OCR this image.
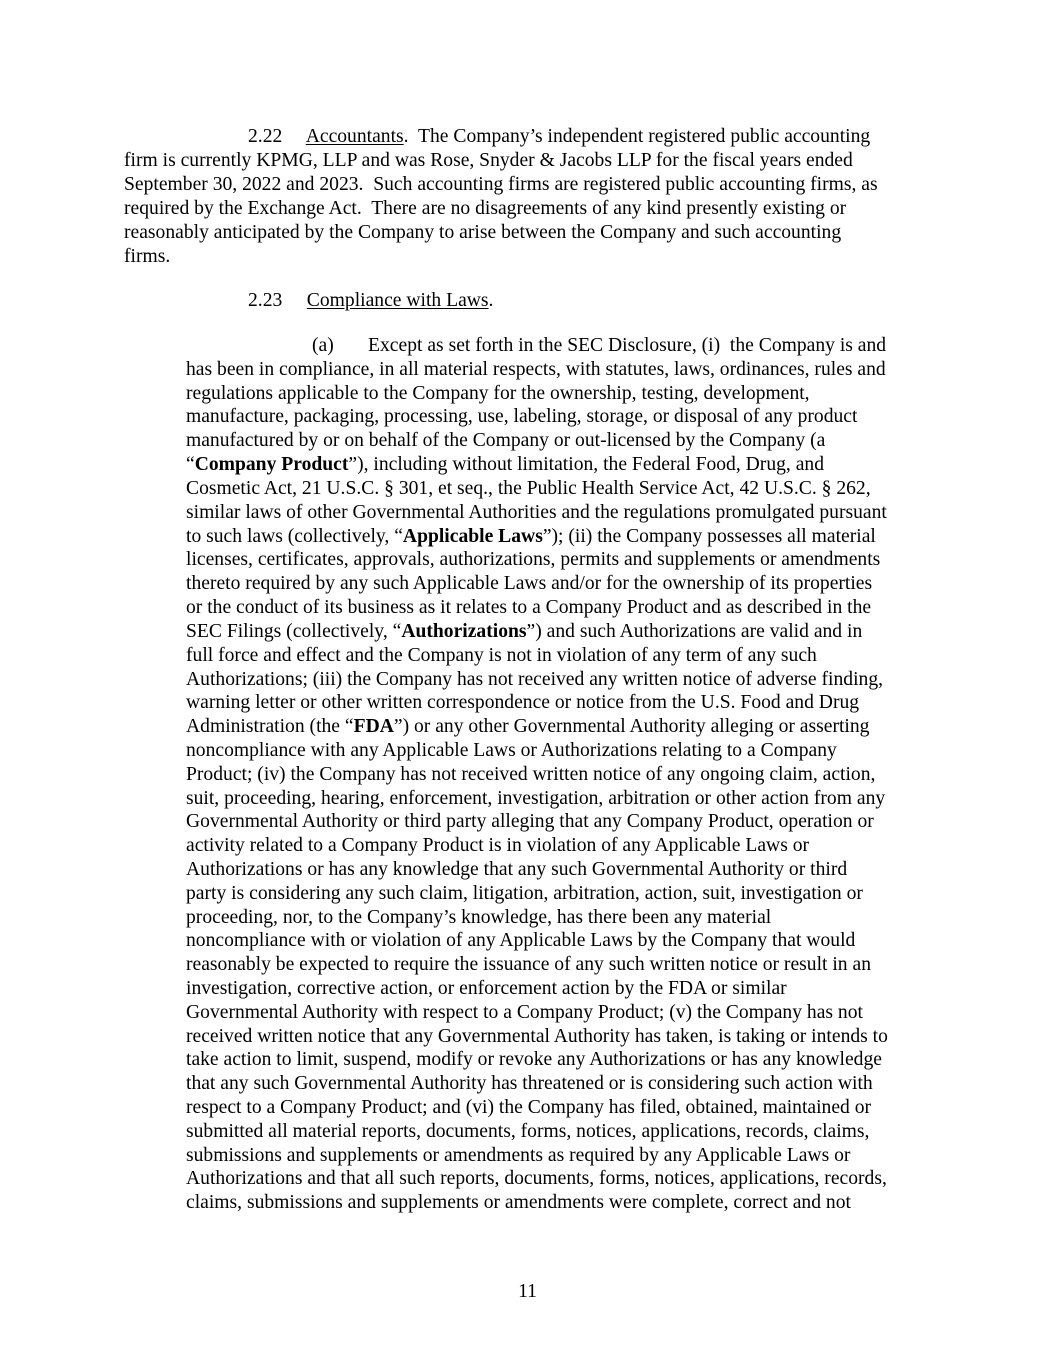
2.22 Accountants.  The Company’s independent registered public accounting
firm is currently KPMG, LLP and was Rose, Snyder & Jacobs LLP for the fiscal years ended
September 30, 2022 and 2023.  Such accounting firms are registered public accounting firms, as
required by the Exchange Act.  There are no disagreements of any kind presently existing or
reasonably anticipated by the Company to arise between the Company and such accounting
firms.
2.23 Compliance with Laws.
(a) Except as set forth in the SEC Disclosure, (i)  the Company is and
has been in compliance, in all material respects, with statutes, laws, ordinances, rules and
regulations applicable to the Company for the ownership, testing, development,
manufacture, packaging, processing, use, labeling, storage, or disposal of any product
manufactured by or on behalf of the Company or out-licensed by the Company (a
“Company Product”), including without limitation, the Federal Food, Drug, and
Cosmetic Act, 21 U.S.C. § 301, et seq., the Public Health Service Act, 42 U.S.C. § 262,
similar laws of other Governmental Authorities and the regulations promulgated pursuant
to such laws (collectively, “Applicable Laws”); (ii) the Company possesses all material
licenses, certificates, approvals, authorizations, permits and supplements or amendments
thereto required by any such Applicable Laws and/or for the ownership of its properties
or the conduct of its business as it relates to a Company Product and as described in the
SEC Filings (collectively, “Authorizations”) and such Authorizations are valid and in
full force and effect and the Company is not in violation of any term of any such
Authorizations; (iii) the Company has not received any written notice of adverse finding,
warning letter or other written correspondence or notice from the U.S. Food and Drug
Administration (the “FDA”) or any other Governmental Authority alleging or asserting
noncompliance with any Applicable Laws or Authorizations relating to a Company
Product; (iv) the Company has not received written notice of any ongoing claim, action,
suit, proceeding, hearing, enforcement, investigation, arbitration or other action from any
Governmental Authority or third party alleging that any Company Product, operation or
activity related to a Company Product is in violation of any Applicable Laws or
Authorizations or has any knowledge that any such Governmental Authority or third
party is considering any such claim, litigation, arbitration, action, suit, investigation or
proceeding, nor, to the Company’s knowledge, has there been any material
noncompliance with or violation of any Applicable Laws by the Company that would
reasonably be expected to require the issuance of any such written notice or result in an
investigation, corrective action, or enforcement action by the FDA or similar
Governmental Authority with respect to a Company Product; (v) the Company has not
received written notice that any Governmental Authority has taken, is taking or intends to
take action to limit, suspend, modify or revoke any Authorizations or has any knowledge
that any such Governmental Authority has threatened or is considering such action with
respect to a Company Product; and (vi) the Company has filed, obtained, maintained or
submitted all material reports, documents, forms, notices, applications, records, claims,
submissions and supplements or amendments as required by any Applicable Laws or
Authorizations and that all such reports, documents, forms, notices, applications, records,
claims, submissions and supplements or amendments were complete, correct and not
11
